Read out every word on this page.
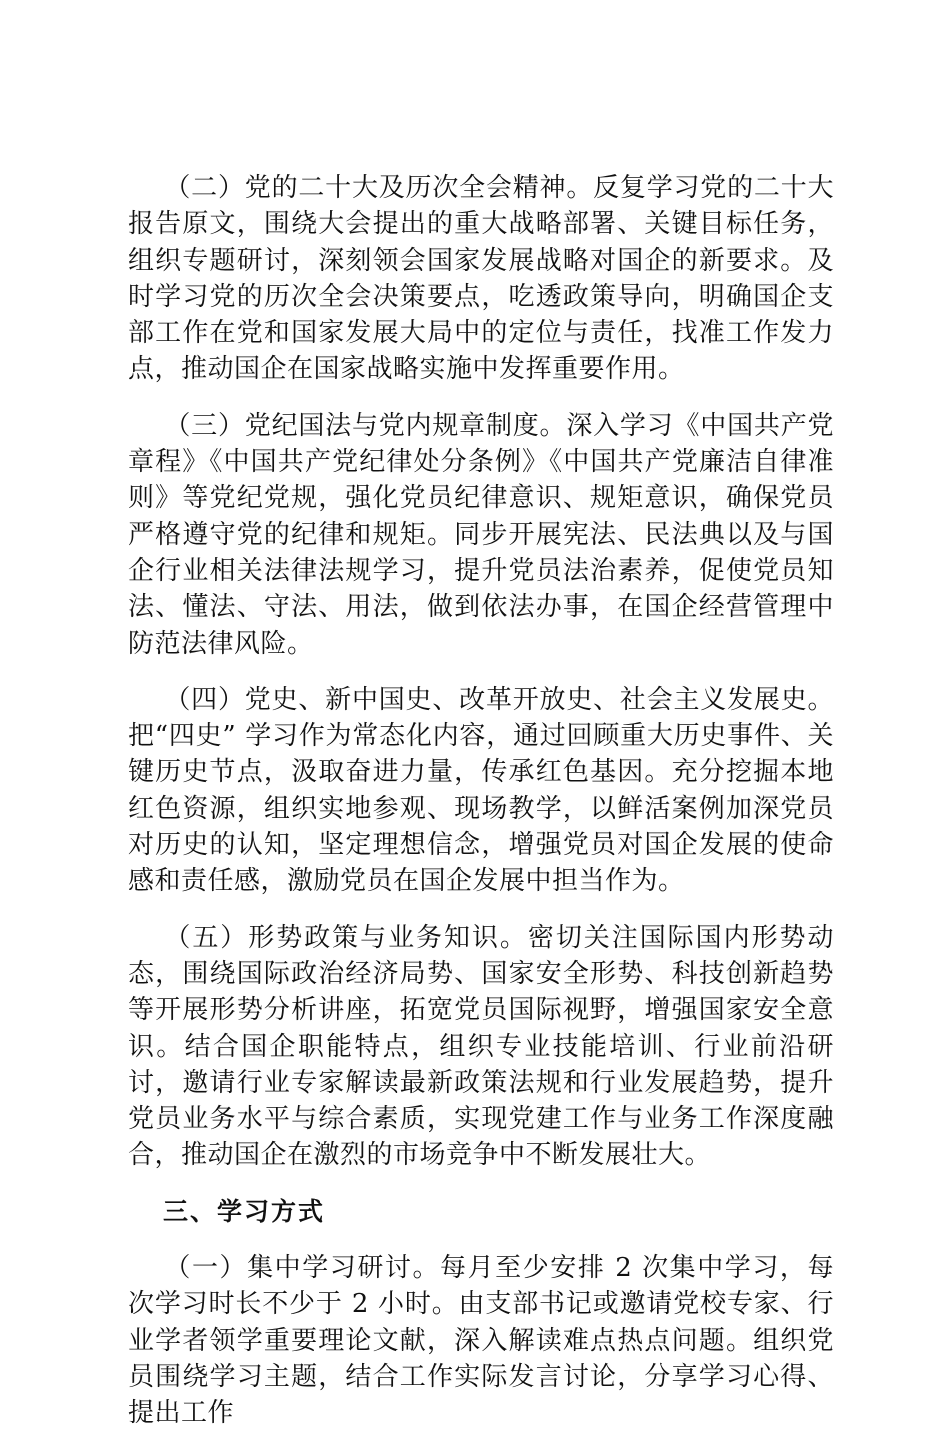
（二）党的二十大及历次全会精神。反复学习党的二十大报告原文，围绕大会提出的重大战略部署、关键目标任务，组织专题研讨，深刻领会国家发展战略对国企的新要求。及时学习党的历次全会决策要点，吃透政策导向，明确国企支部工作在党和国家发展大局中的定位与责任，找准工作发力点，推动国企在国家战略实施中发挥重要作用。

（三）党纪国法与党内规章制度。深入学习《中国共产党章程》《中国共产党纪律处分条例》《中国共产党廉洁自律准则》等党纪党规，强化党员纪律意识、规矩意识，确保党员严格遵守党的纪律和规矩。同步开展宪法、民法典以及与国企行业相关法律法规学习，提升党员法治素养，促使党员知法、懂法、守法、用法，做到依法办事，在国企经营管理中防范法律风险。

（四）党史、新中国史、改革开放史、社会主义发展史。把“四史” 学习作为常态化内容，通过回顾重大历史事件、关键历史节点，汲取奋进力量，传承红色基因。充分挖掘本地红色资源，组织实地参观、现场教学，以鲜活案例加深党员对历史的认知，坚定理想信念，增强党员对国企发展的使命感和责任感，激励党员在国企发展中担当作为。

（五）形势政策与业务知识。密切关注国际国内形势动态，围绕国际政治经济局势、国家安全形势、科技创新趋势等开展形势分析讲座，拓宽党员国际视野，增强国家安全意识。结合国企职能特点，组织专业技能培训、行业前沿研讨，邀请行业专家解读最新政策法规和行业发展趋势，提升党员业务水平与综合素质，实现党建工作与业务工作深度融合，推动国企在激烈的市场竞争中不断发展壮大。

三、学习方式

（一）集中学习研讨。每月至少安排 2 次集中学习，每次学习时长不少于 2 小时。由支部书记或邀请党校专家、行业学者领学重要理论文献，深入解读难点热点问题。组织党员围绕学习主题，结合工作实际发言讨论，分享学习心得、提出工作
